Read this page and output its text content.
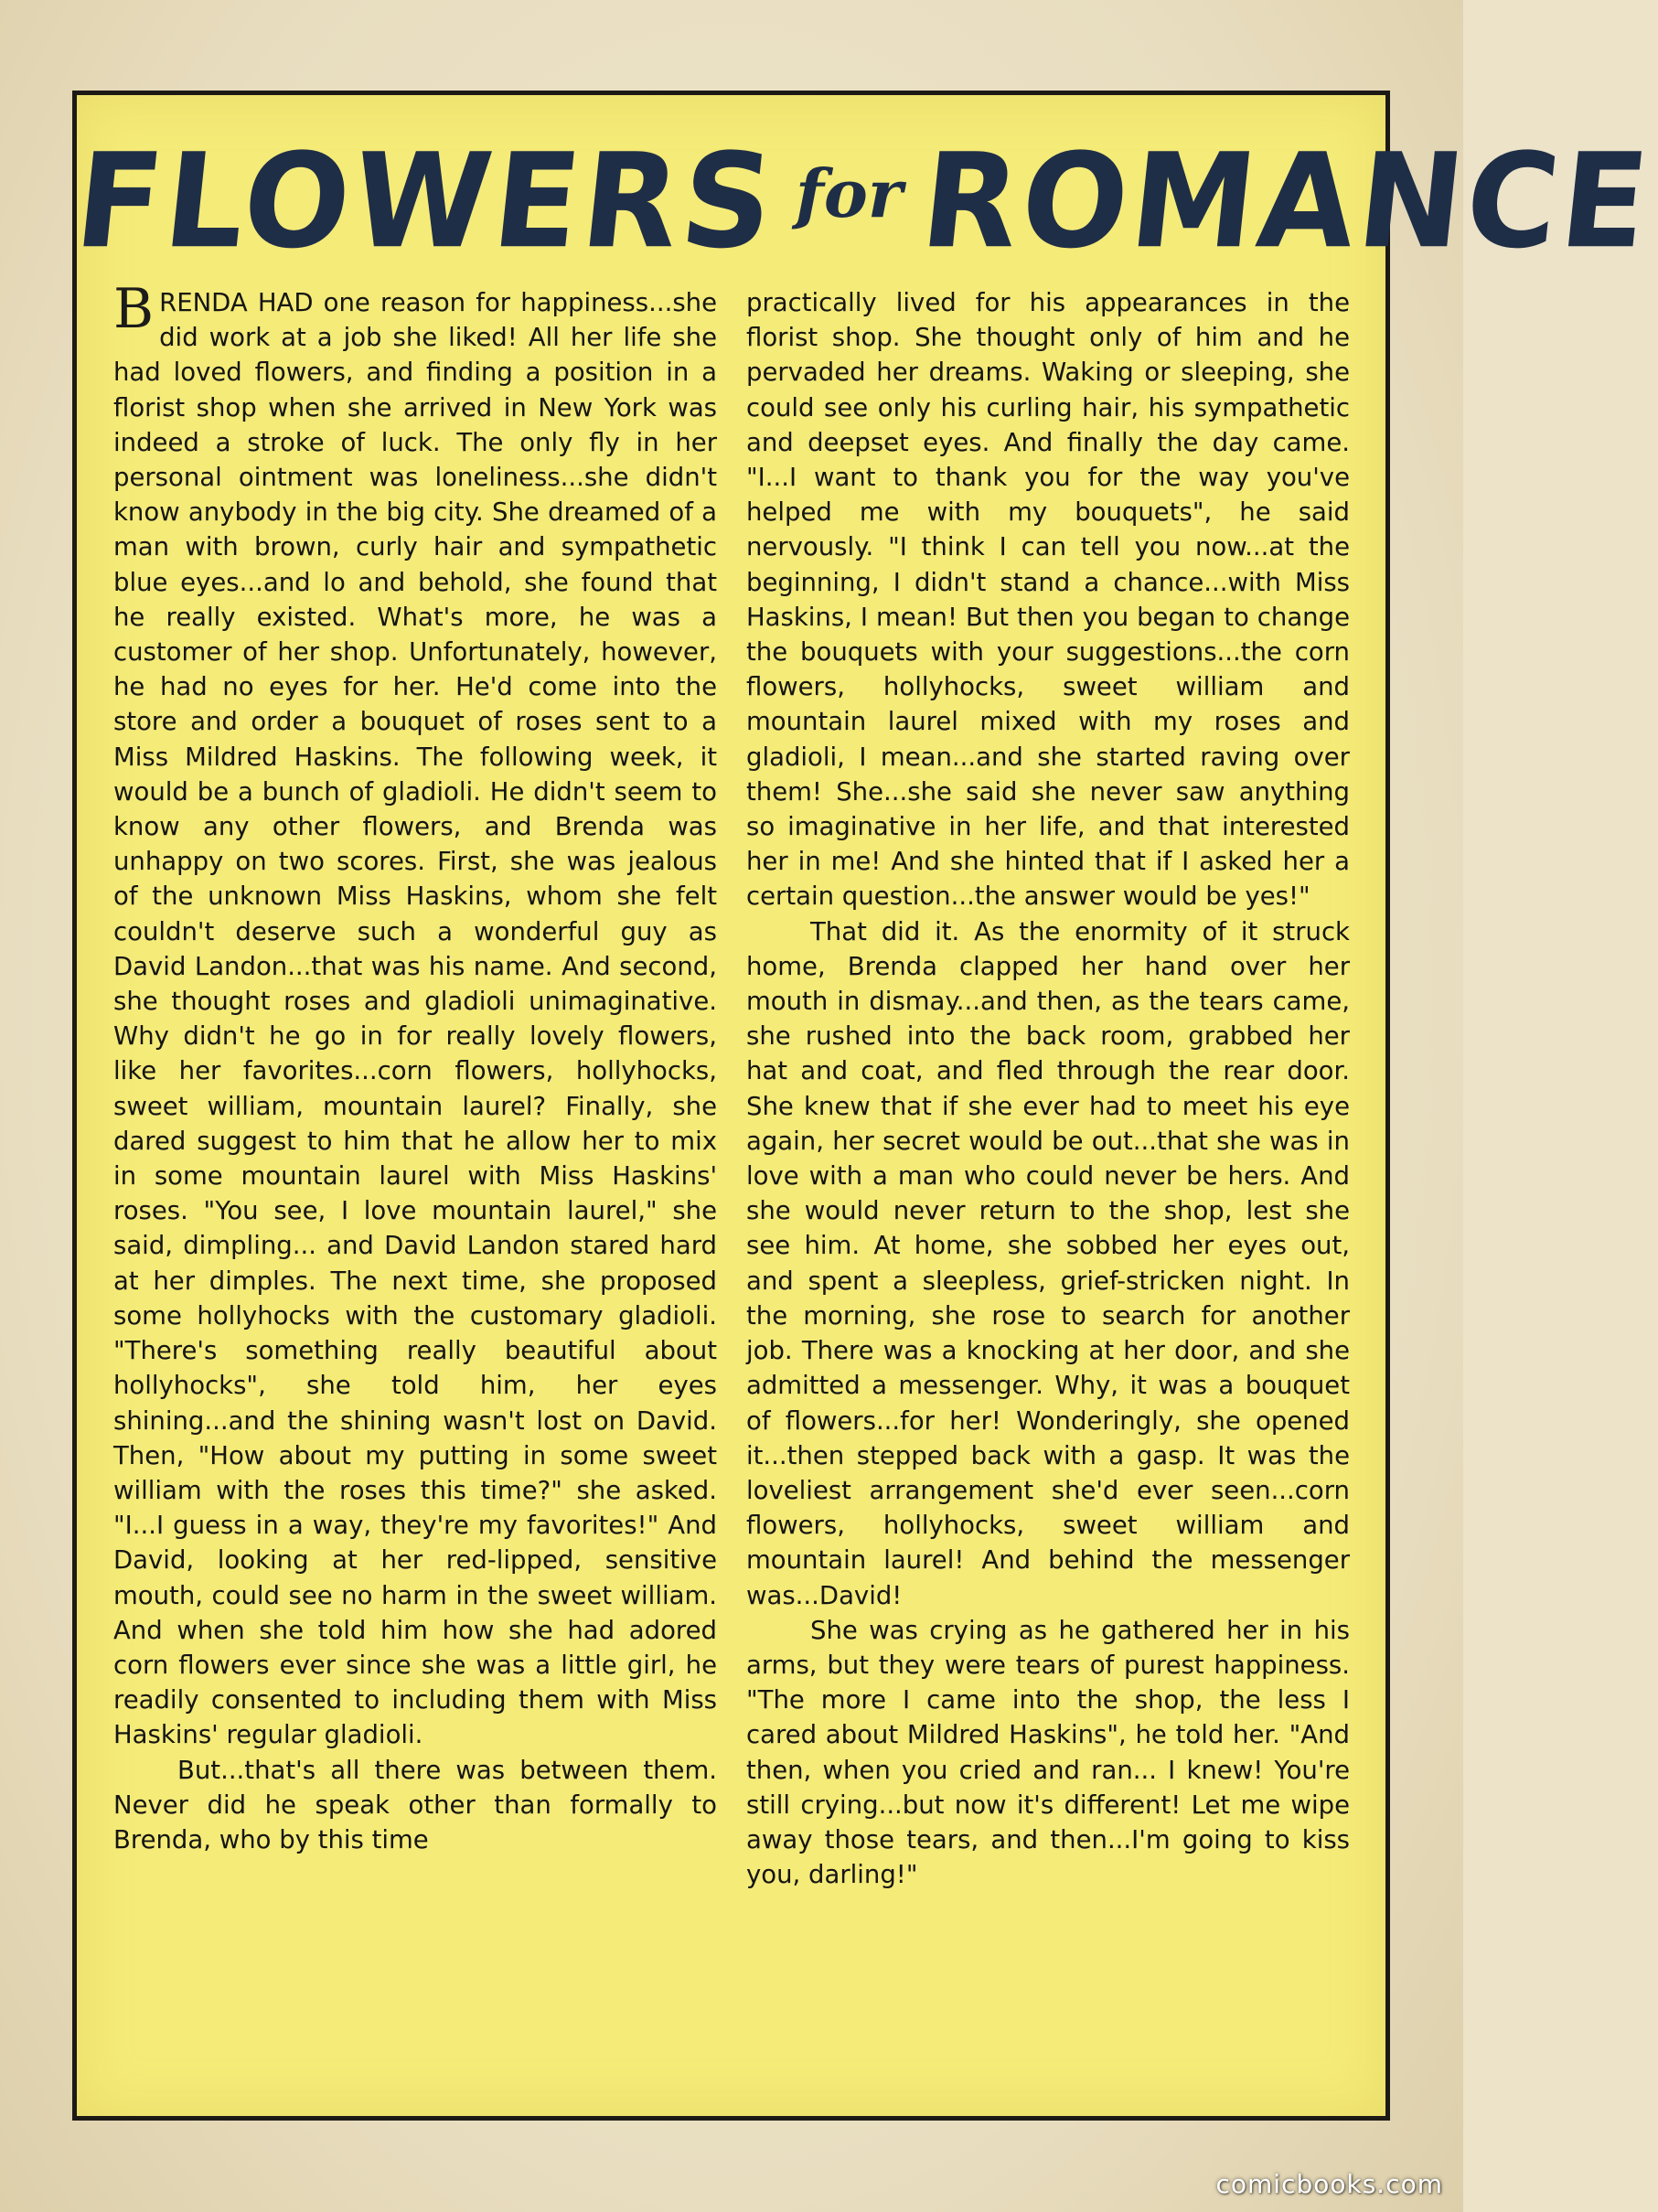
FLOWERS forROMANCE

BRENDA HAD one reason for happiness...she did work at a job she liked! All her life she had loved flowers, and finding a position in a florist shop when she arrived in New York was indeed a stroke of luck. The only fly in her personal ointment was loneliness...she didn't know anybody in the big city. She dreamed of a man with brown, curly hair and sympathetic blue eyes...and lo and behold, she found that he really existed. What's more, he was a customer of her shop. Unfortunately, however, he had no eyes for her. He'd come into the store and order a bouquet of roses sent to a Miss Mildred Haskins. The following week, it would be a bunch of gladioli. He didn't seem to know any other flowers, and Brenda was unhappy on two scores. First, she was jealous of the unknown Miss Haskins, whom she felt couldn't deserve such a wonderful guy as David Landon...that was his name. And second, she thought roses and gladioli unimaginative. Why didn't he go in for really lovely flowers, like her favorites...corn flowers, hollyhocks, sweet william, mountain laurel? Finally, she dared suggest to him that he allow her to mix in some mountain laurel with Miss Haskins' roses. "You see, I love mountain laurel," she said, dimpling... and David Landon stared hard at her dimples. The next time, she proposed some hollyhocks with the customary gladioli. "There's something really beautiful about hollyhocks", she told him, her eyes shining...and the shining wasn't lost on David. Then, "How about my putting in some sweet william with the roses this time?" she asked. "I...I guess in a way, they're my favorites!" And David, looking at her red-lipped, sensitive mouth, could see no harm in the sweet william. And when she told him how she had adored corn flowers ever since she was a little girl, he readily consented to including them with Miss Haskins' regular gladioli.

But...that's all there was between them. Never did he speak other than formally to Brenda, who by this time

practically lived for his appearances in the florist shop. She thought only of him and he pervaded her dreams. Waking or sleeping, she could see only his curling hair, his sympathetic and deepset eyes. And finally the day came. "I...I want to thank you for the way you've helped me with my bouquets", he said nervously. "I think I can tell you now...at the beginning, I didn't stand a chance...with Miss Haskins, I mean! But then you began to change the bouquets with your suggestions...the corn flowers, hollyhocks, sweet william and mountain laurel mixed with my roses and gladioli, I mean...and she started raving over them! She...she said she never saw anything so imaginative in her life, and that interested her in me! And she hinted that if I asked her a certain question...the answer would be yes!"

That did it. As the enormity of it struck home, Brenda clapped her hand over her mouth in dismay...and then, as the tears came, she rushed into the back room, grabbed her hat and coat, and fled through the rear door. She knew that if she ever had to meet his eye again, her secret would be out...that she was in love with a man who could never be hers. And she would never return to the shop, lest she see him. At home, she sobbed her eyes out, and spent a sleepless, grief-stricken night. In the morning, she rose to search for another job. There was a knocking at her door, and she admitted a messenger. Why, it was a bouquet of flowers...for her! Wonderingly, she opened it...then stepped back with a gasp. It was the loveliest arrangement she'd ever seen...corn flowers, hollyhocks, sweet william and mountain laurel! And behind the messenger was...David!

She was crying as he gathered her in his arms, but they were tears of purest happiness. "The more I came into the shop, the less I cared about Mildred Haskins", he told her. "And then, when you cried and ran... I knew! You're still crying...but now it's different! Let me wipe away those tears, and then...I'm going to kiss you, darling!"

comicbooks.com
